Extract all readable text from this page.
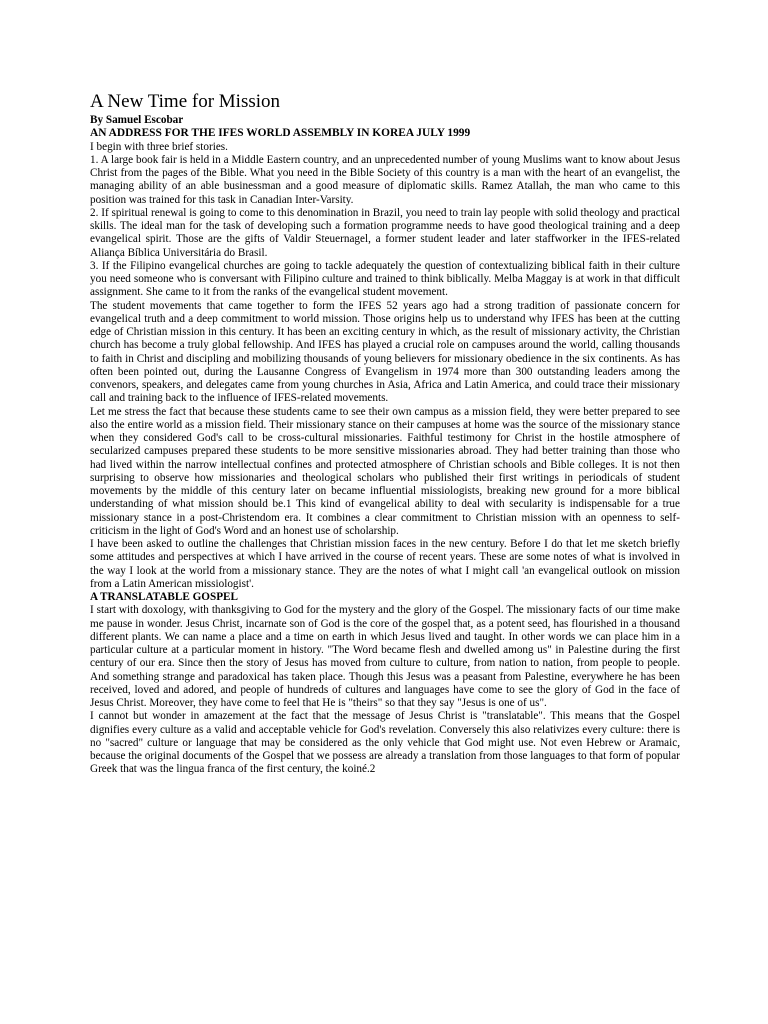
A New Time for Mission

By Samuel Escobar

AN ADDRESS FOR THE IFES WORLD ASSEMBLY IN KOREA JULY 1999

I begin with three brief stories.

1. A large book fair is held in a Middle Eastern country, and an unprecedented number of young Muslims want to know about Jesus Christ from the pages of the Bible. What you need in the Bible Society of this country is a man with the heart of an evangelist, the managing ability of an able businessman and a good measure of diplomatic skills. Ramez Atallah, the man who came to this position was trained for this task in Canadian Inter-Varsity.

2. If spiritual renewal is going to come to this denomination in Brazil, you need to train lay people with solid theology and practical skills. The ideal man for the task of developing such a formation programme needs to have good theological training and a deep evangelical spirit. Those are the gifts of Valdir Steuernagel, a former student leader and later staffworker in the IFES-related Aliança Bíblica Universitária do Brasil.

3. If the Filipino evangelical churches are going to tackle adequately the question of contextualizing biblical faith in their culture you need someone who is conversant with Filipino culture and trained to think biblically. Melba Maggay is at work in that difficult assignment. She came to it from the ranks of the evangelical student movement.

The student movements that came together to form the IFES 52 years ago had a strong tradition of passionate concern for evangelical truth and a deep commitment to world mission. Those origins help us to understand why IFES has been at the cutting edge of Christian mission in this century. It has been an exciting century in which, as the result of missionary activity, the Christian church has become a truly global fellowship. And IFES has played a crucial role on campuses around the world, calling thousands to faith in Christ and discipling and mobilizing thousands of young believers for missionary obedience in the six continents. As has often been pointed out, during the Lausanne Congress of Evangelism in 1974 more than 300 outstanding leaders among the convenors, speakers, and delegates came from young churches in Asia, Africa and Latin America, and could trace their missionary call and training back to the influence of IFES-related movements.

Let me stress the fact that because these students came to see their own campus as a mission field, they were better prepared to see also the entire world as a mission field. Their missionary stance on their campuses at home was the source of the missionary stance when they considered God's call to be cross-cultural missionaries. Faithful testimony for Christ in the hostile atmosphere of secularized campuses prepared these students to be more sensitive missionaries abroad. They had better training than those who had lived within the narrow intellectual confines and protected atmosphere of Christian schools and Bible colleges. It is not then surprising to observe how missionaries and theological scholars who published their first writings in periodicals of student movements by the middle of this century later on became influential missiologists, breaking new ground for a more biblical understanding of what mission should be.1 This kind of evangelical ability to deal with secularity is indispensable for a true missionary stance in a post-Christendom era. It combines a clear commitment to Christian mission with an openness to self-criticism in the light of God's Word and an honest use of scholarship.

I have been asked to outline the challenges that Christian mission faces in the new century. Before I do that let me sketch briefly some attitudes and perspectives at which I have arrived in the course of recent years. These are some notes of what is involved in the way I look at the world from a missionary stance. They are the notes of what I might call 'an evangelical outlook on mission from a Latin American missiologist'.

A TRANSLATABLE GOSPEL

I start with doxology, with thanksgiving to God for the mystery and the glory of the Gospel. The missionary facts of our time make me pause in wonder. Jesus Christ, incarnate son of God is the core of the gospel that, as a potent seed, has flourished in a thousand different plants. We can name a place and a time on earth in which Jesus lived and taught. In other words we can place him in a particular culture at a particular moment in history. "The Word became flesh and dwelled among us" in Palestine during the first century of our era. Since then the story of Jesus has moved from culture to culture, from nation to nation, from people to people. And something strange and paradoxical has taken place. Though this Jesus was a peasant from Palestine, everywhere he has been received, loved and adored, and people of hundreds of cultures and languages have come to see the glory of God in the face of Jesus Christ. Moreover, they have come to feel that He is "theirs" so that they say "Jesus is one of us".

I cannot but wonder in amazement at the fact that the message of Jesus Christ is "translatable". This means that the Gospel dignifies every culture as a valid and acceptable vehicle for God's revelation. Conversely this also relativizes every culture: there is no "sacred" culture or language that may be considered as the only vehicle that God might use. Not even Hebrew or Aramaic, because the original documents of the Gospel that we possess are already a translation from those languages to that form of popular Greek that was the lingua franca of the first century, the koiné.2
